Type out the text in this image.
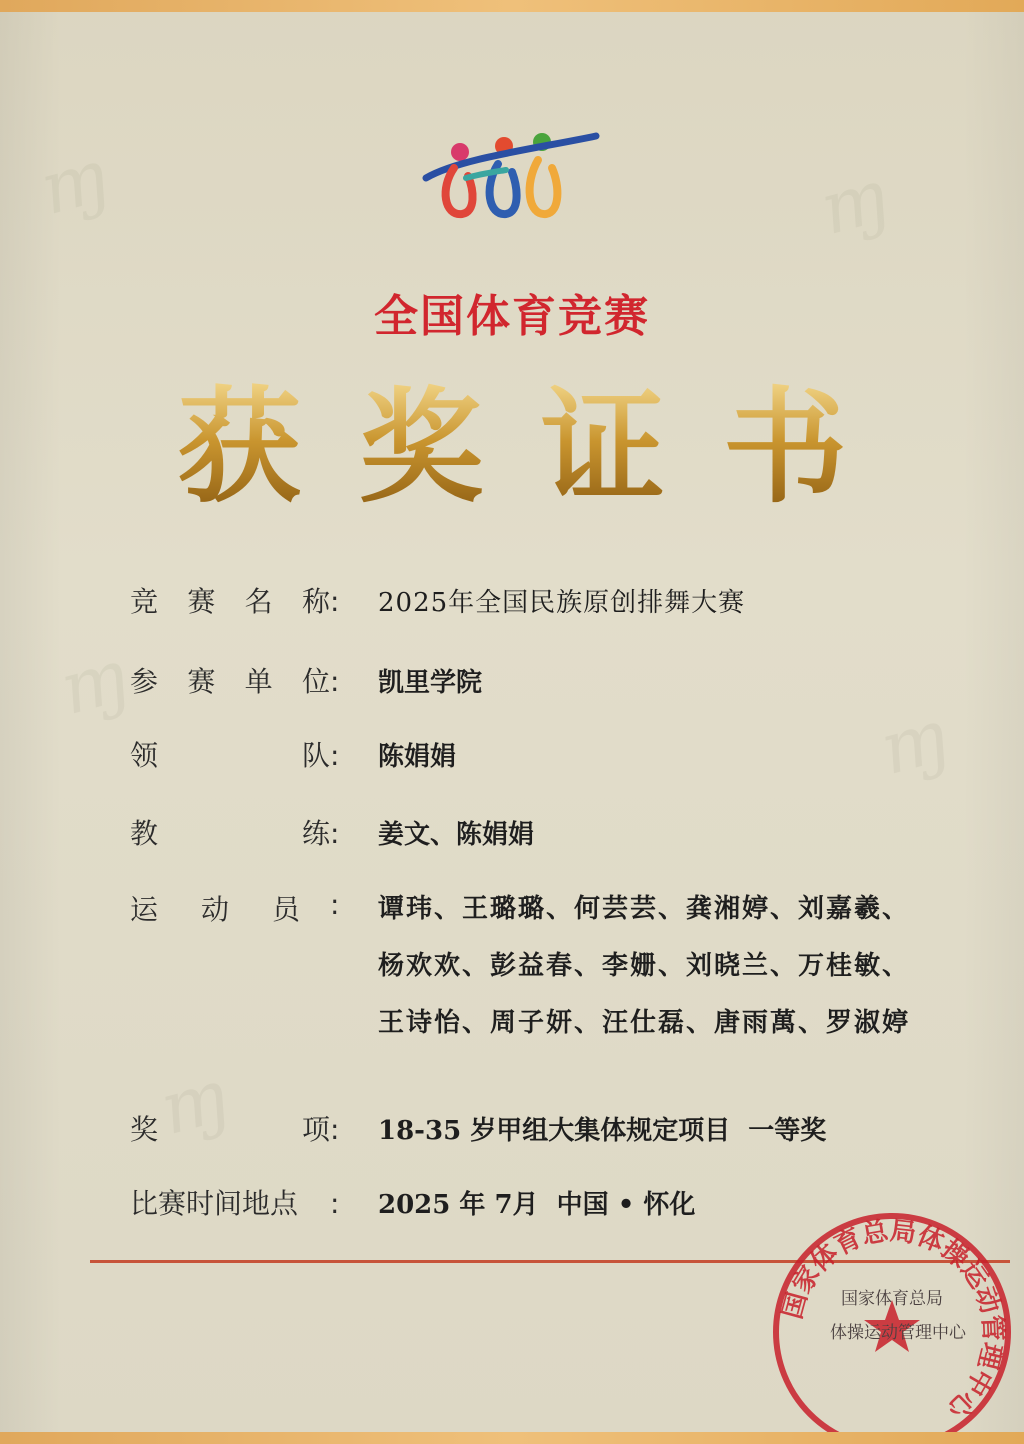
ɱ	ɱ
ɱ
ɱ
ɱ
全国体育竞赛
获 奖 证 书
竞 赛 名 称 :	2025年全国民族原创排舞大赛
参 赛 单 位 :	凯里学院
领	队 :	陈娟娟
教	练 :	姜文、陈娟娟
运 动 员 :	谭玮、王璐璐、何芸芸、龚湘婷、刘嘉羲、
杨欢欢、彭益春、李姗、刘晓兰、万桂敏、
王诗怡、周子妍、汪仕磊、唐雨萬、罗淑婷
奖	项 :	18-35 岁甲组大集体规定项目  一等奖
比赛时间地点 :	2025 年 7月  中国 • 怀化
国家体育总局体操运动管理中心
国家体育总局
体操运动管理中心
